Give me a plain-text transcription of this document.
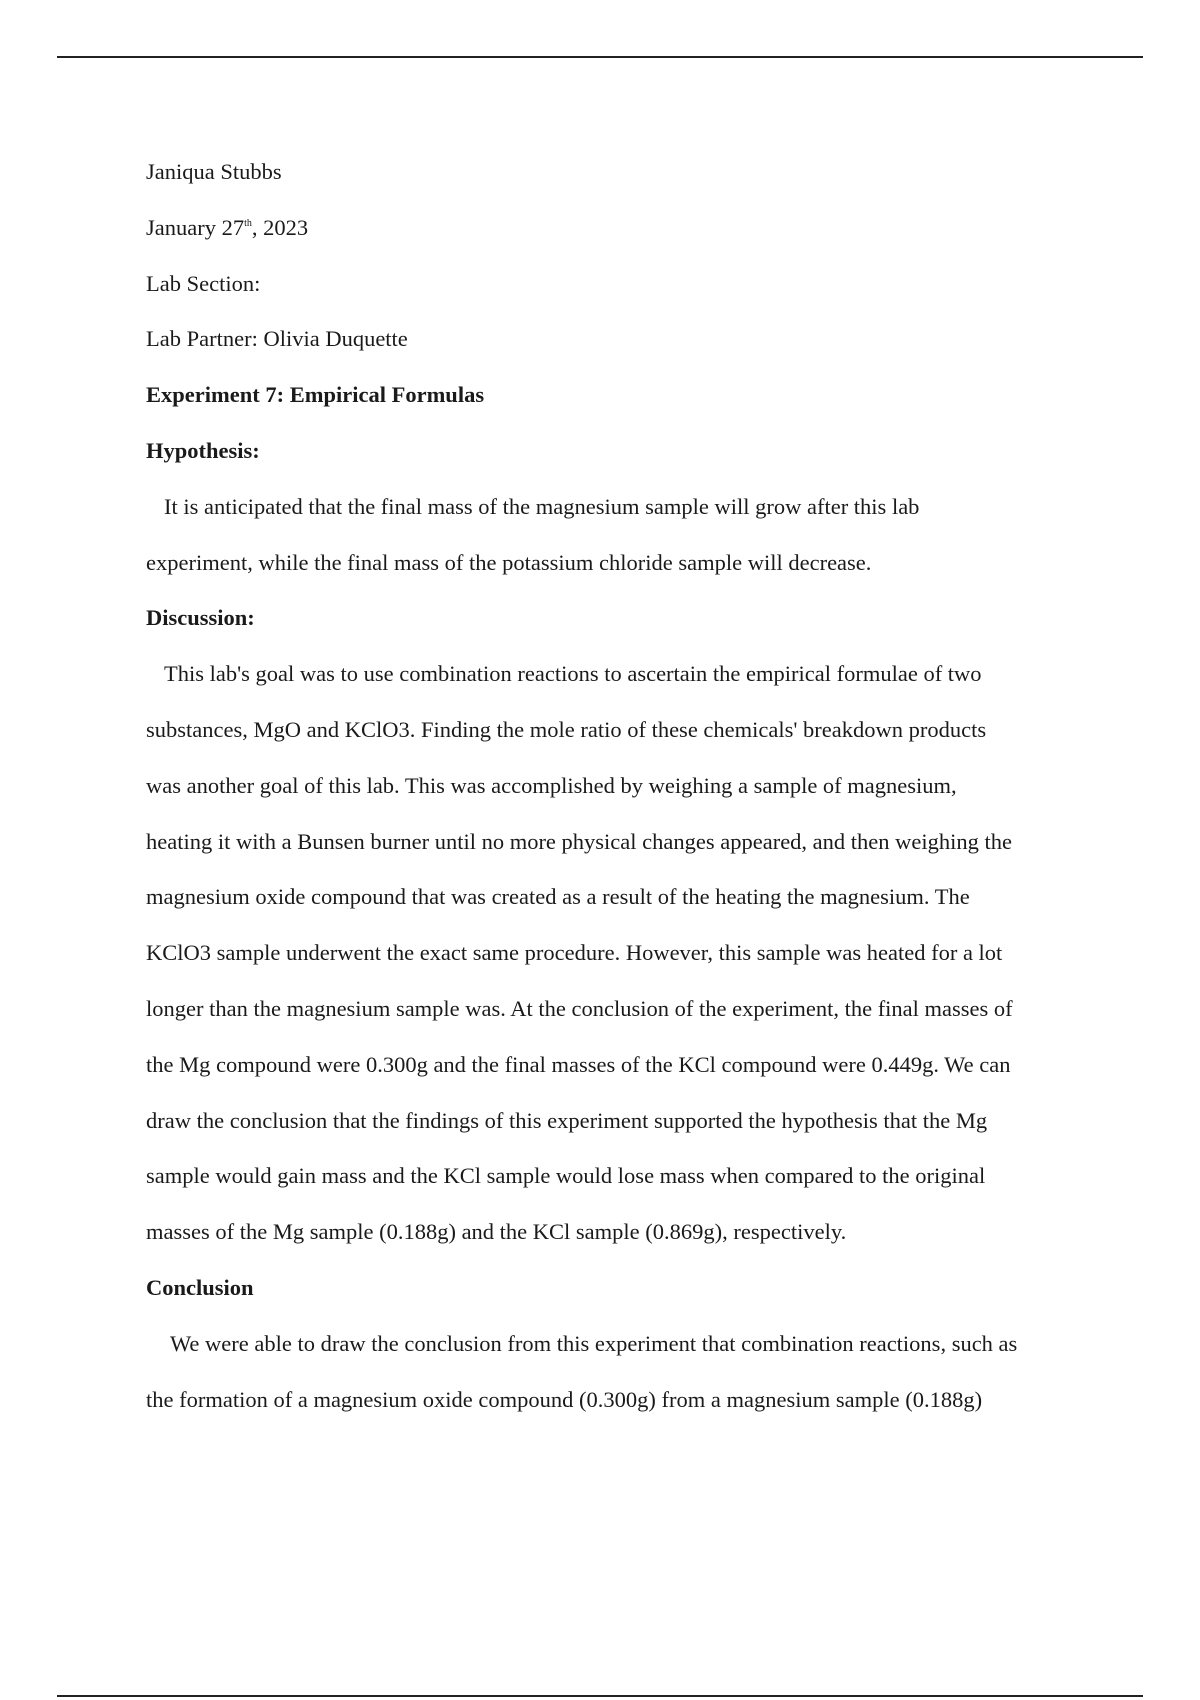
Janiqua Stubbs
January 27th, 2023
Lab Section:
Lab Partner: Olivia Duquette
Experiment 7: Empirical Formulas
Hypothesis:
It is anticipated that the final mass of the magnesium sample will grow after this lab
experiment, while the final mass of the potassium chloride sample will decrease.
Discussion:
This lab's goal was to use combination reactions to ascertain the empirical formulae of two
substances, MgO and KClO3. Finding the mole ratio of these chemicals' breakdown products
was another goal of this lab. This was accomplished by weighing a sample of magnesium,
heating it with a Bunsen burner until no more physical changes appeared, and then weighing the
magnesium oxide compound that was created as a result of the heating the magnesium. The
KClO3 sample underwent the exact same procedure. However, this sample was heated for a lot
longer than the magnesium sample was. At the conclusion of the experiment, the final masses of
the Mg compound were 0.300g and the final masses of the KCl compound were 0.449g. We can
draw the conclusion that the findings of this experiment supported the hypothesis that the Mg
sample would gain mass and the KCl sample would lose mass when compared to the original
masses of the Mg sample (0.188g) and the KCl sample (0.869g), respectively.
Conclusion
We were able to draw the conclusion from this experiment that combination reactions, such as
the formation of a magnesium oxide compound (0.300g) from a magnesium sample (0.188g)
